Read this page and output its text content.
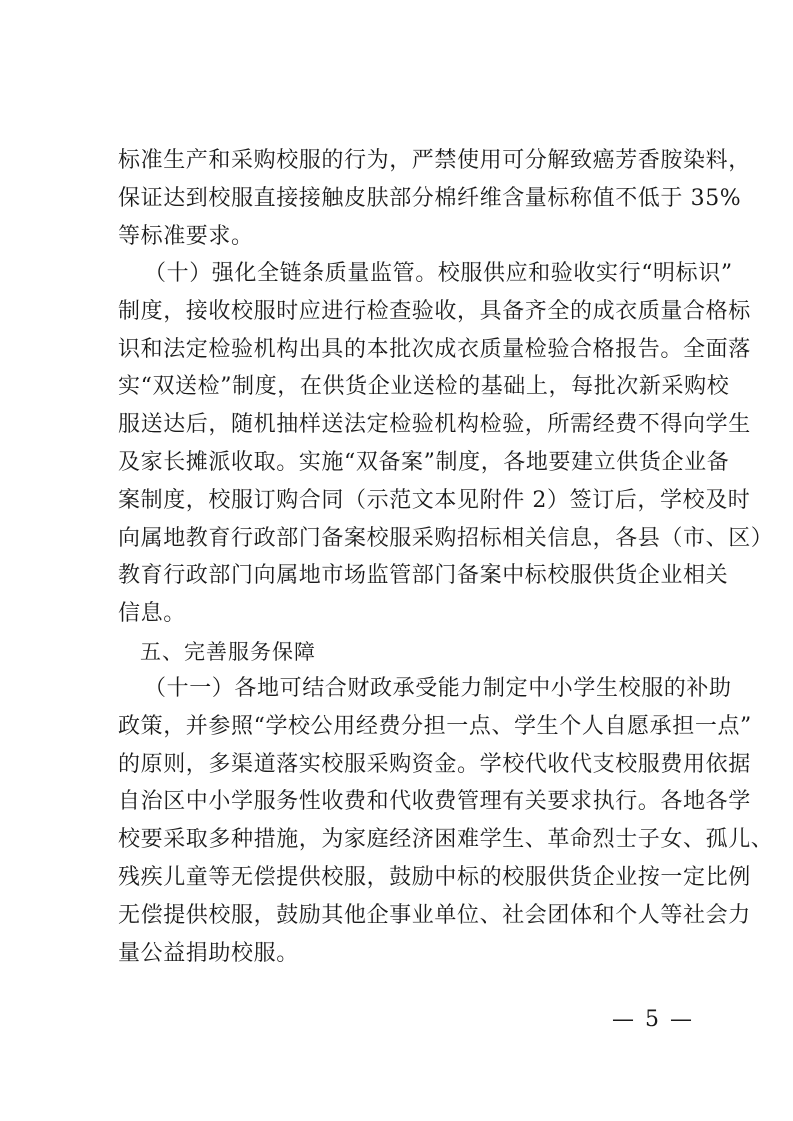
标准生产和采购校服的行为，严禁使用可分解致癌芳香胺染料，
保证达到校服直接接触皮肤部分棉纤维含量标称值不低于 35%
等标准要求。
（十）强化全链条质量监管。校服供应和验收实行“明标识”
制度，接收校服时应进行检查验收，具备齐全的成衣质量合格标
识和法定检验机构出具的本批次成衣质量检验合格报告。全面落
实“双送检”制度，在供货企业送检的基础上，每批次新采购校
服送达后，随机抽样送法定检验机构检验，所需经费不得向学生
及家长摊派收取。实施“双备案”制度，各地要建立供货企业备
案制度，校服订购合同（示范文本见附件 2）签订后，学校及时
向属地教育行政部门备案校服采购招标相关信息，各县（市、区）
教育行政部门向属地市场监管部门备案中标校服供货企业相关
信息。
五、完善服务保障
（十一）各地可结合财政承受能力制定中小学生校服的补助
政策，并参照“学校公用经费分担一点、学生个人自愿承担一点”
的原则，多渠道落实校服采购资金。学校代收代支校服费用依据
自治区中小学服务性收费和代收费管理有关要求执行。各地各学
校要采取多种措施，为家庭经济困难学生、革命烈士子女、孤儿、
残疾儿童等无偿提供校服，鼓励中标的校服供货企业按一定比例
无偿提供校服，鼓励其他企事业单位、社会团体和个人等社会力
量公益捐助校服。
— 5 —
